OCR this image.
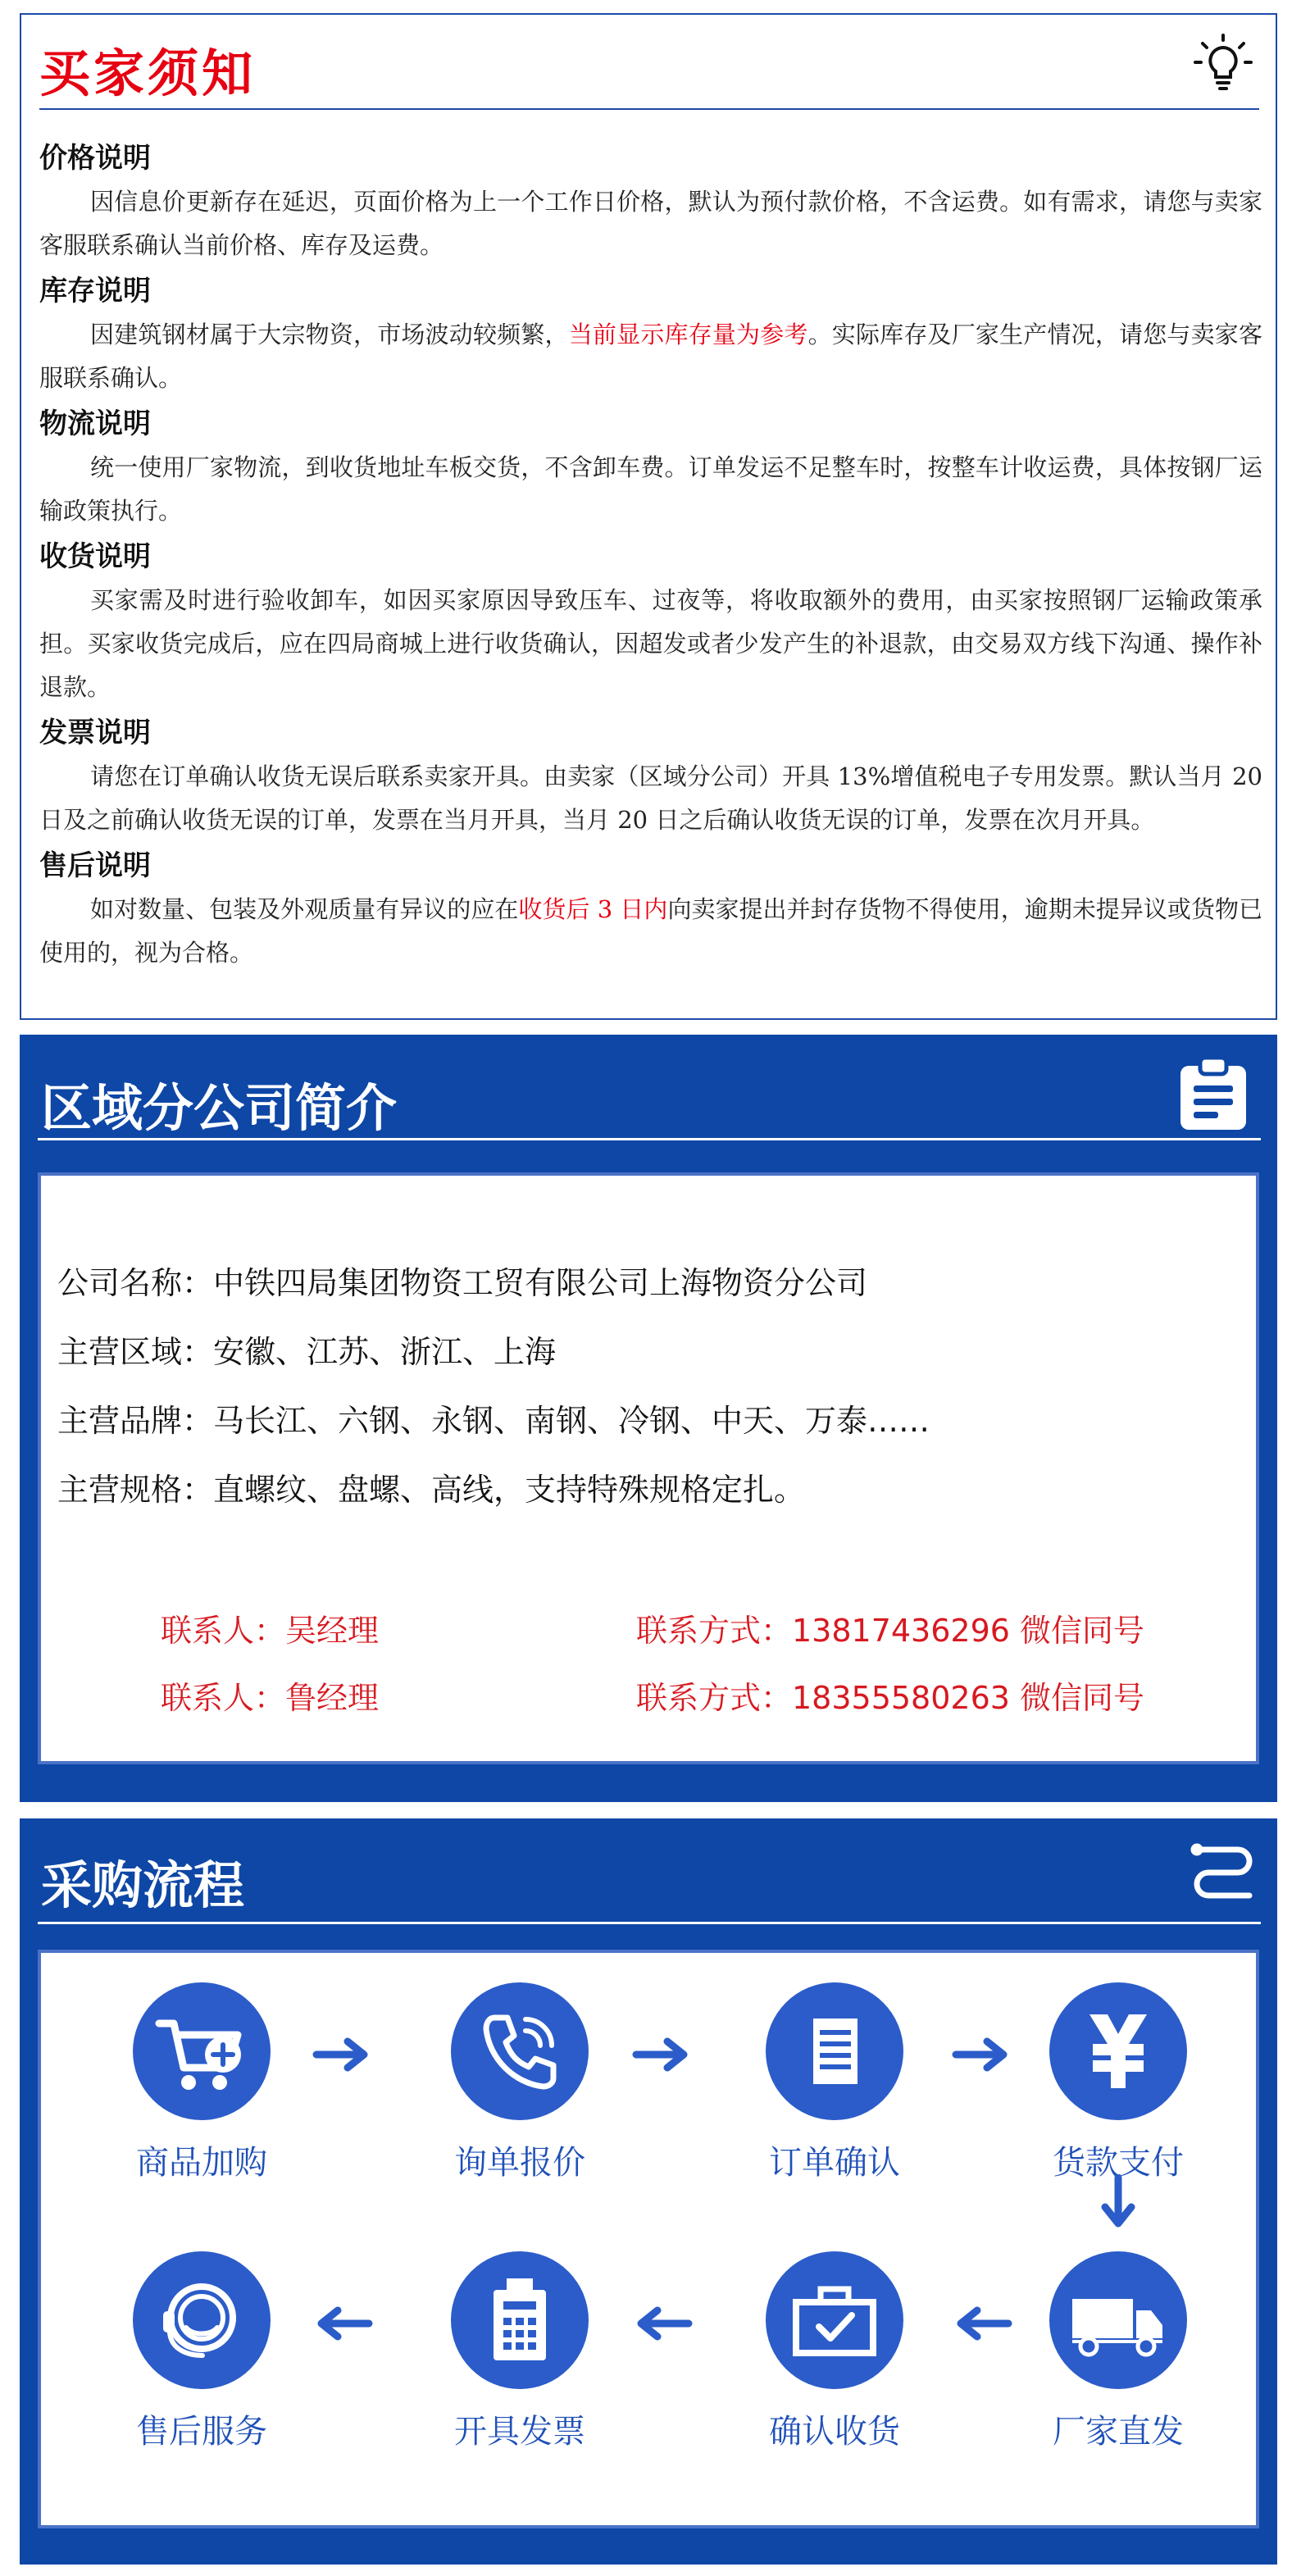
买家须知
价格说明

因信息价更新存在延迟，页面价格为上一个工作日价格，默认为预付款价格，不含运费。如有需求，请您与卖家客服联系确认当前价格、库存及运费。

库存说明

因建筑钢材属于大宗物资，市场波动较频繁，当前显示库存量为参考。实际库存及厂家生产情况，请您与卖家客服联系确认。

物流说明

统一使用厂家物流，到收货地址车板交货，不含卸车费。订单发运不足整车时，按整车计收运费，具体按钢厂运输政策执行。

收货说明

买家需及时进行验收卸车，如因买家原因导致压车、过夜等，将收取额外的费用，由买家按照钢厂运输政策承担。买家收货完成后，应在四局商城上进行收货确认，因超发或者少发产生的补退款，由交易双方线下沟通、操作补退款。

发票说明

请您在订单确认收货无误后联系卖家开具。由卖家（区域分公司）开具 13%增值税电子专用发票。默认当月 20 日及之前确认收货无误的订单，发票在当月开具，当月 20 日之后确认收货无误的订单，发票在次月开具。

售后说明

如对数量、包装及外观质量有异议的应在收货后 3 日内向卖家提出并封存货物不得使用，逾期未提异议或货物已使用的，视为合格。

区域分公司简介
公司名称：中铁四局集团物资工贸有限公司上海物资分公司
主营区域：安徽、江苏、浙江、上海
主营品牌：马长江、六钢、永钢、南钢、冷钢、中天、万泰……
主营规格：直螺纹、盘螺、高线，支持特殊规格定扎。
联系人：吴经理	联系方式：13817436296 微信同号
联系人：鲁经理	联系方式：18355580263 微信同号
采购流程
商品加购	询单报价	订单确认	货款支付
厂家直发
确认收货
开具发票
售后服务
